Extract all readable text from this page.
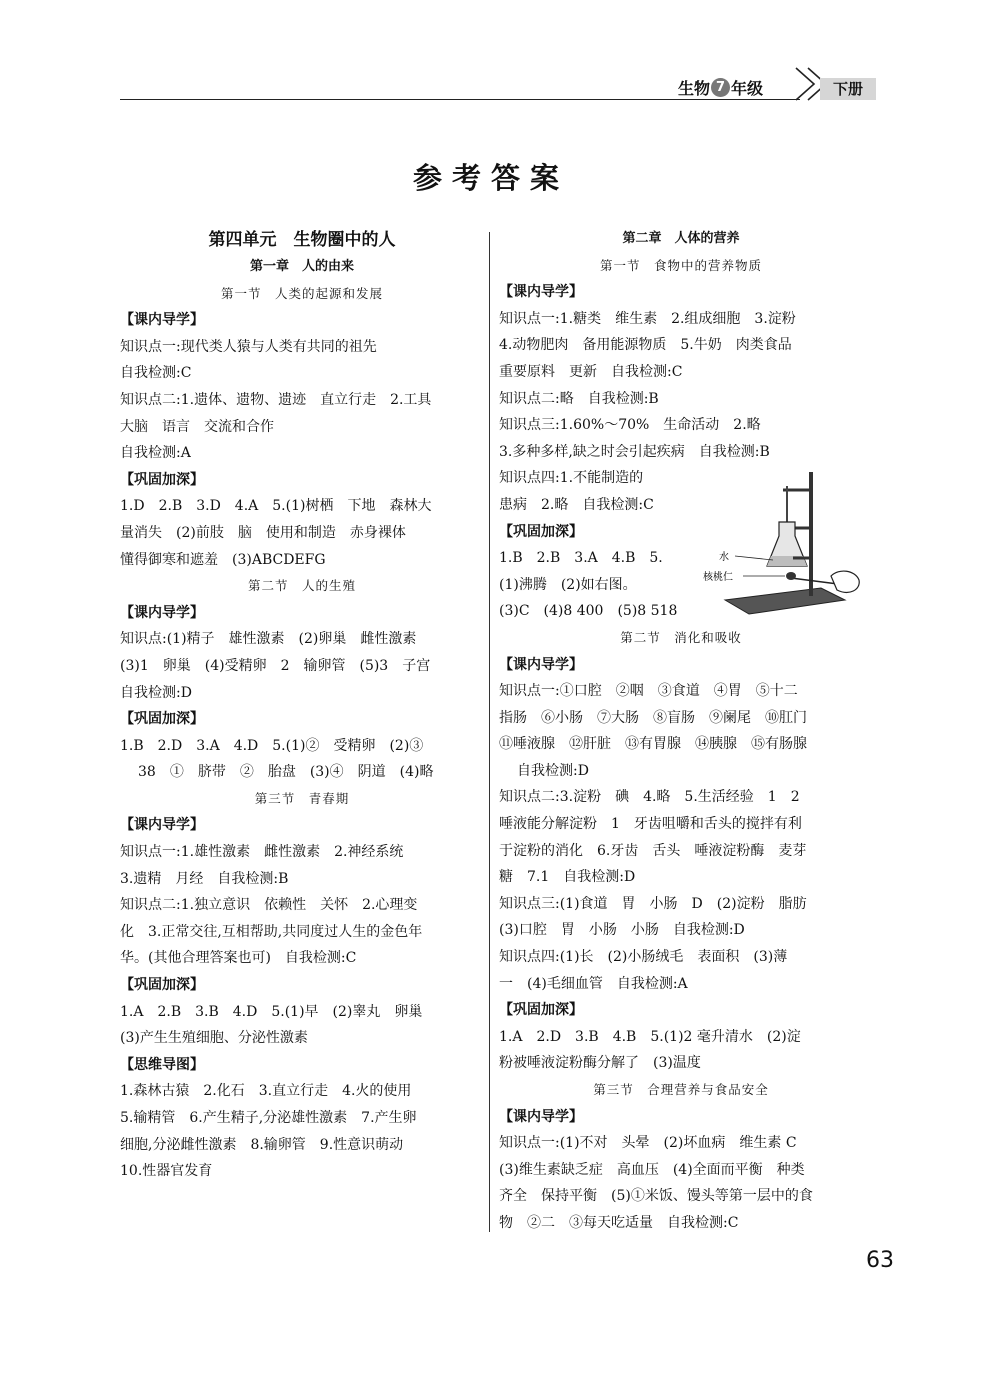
生物 7 年级	下册
参考答案
第四单元　生物圈中的人
第一章　人的由来
第一节　人类的起源和发展
【课内导学】
知识点一:现代类人猿与人类有共同的祖先
自我检测:C
知识点二:1.遗体、遗物、遗迹　直立行走　2.工具
大脑　语言　交流和合作
自我检测:A
【巩固加深】
1.D　2.B　3.D　4.A　5.(1)树栖　下地　森林大
量消失　(2)前肢　脑　使用和制造　赤身裸体
懂得御寒和遮羞　(3)ABCDEFG
第二节　人的生殖
【课内导学】
知识点:(1)精子　雄性激素　(2)卵巢　雌性激素
(3)1　卵巢　(4)受精卵　2　输卵管　(5)3　子宫
自我检测:D
【巩固加深】
1.B　2.D　3.A　4.D　5.(1)②　受精卵　(2)③
38　①　脐带　②　胎盘　(3)④　阴道　(4)略
第三节　青春期
【课内导学】
知识点一:1.雄性激素　雌性激素　2.神经系统
3.遗精　月经　自我检测:B
知识点二:1.独立意识　依赖性　关怀　2.心理变
化　3.正常交往,互相帮助,共同度过人生的金色年
华。(其他合理答案也可)　自我检测:C
【巩固加深】
1.A　2.B　3.B　4.D　5.(1)早　(2)睾丸　卵巢
(3)产生生殖细胞、分泌性激素
【思维导图】
1.森林古猿　2.化石　3.直立行走　4.火的使用
5.输精管　6.产生精子,分泌雄性激素　7.产生卵
细胞,分泌雌性激素　8.输卵管　9.性意识萌动
10.性器官发育
第二章　人体的营养
第一节　食物中的营养物质
【课内导学】
知识点一:1.糖类　维生素　2.组成细胞　3.淀粉
4.动物肥肉　备用能源物质　5.牛奶　肉类食品
重要原料　更新　自我检测:C
知识点二:略　自我检测:B
知识点三:1.60%～70%　生命活动　2.略
3.多种多样,缺之时会引起疾病　自我检测:B
知识点四:1.不能制造的
患病　2.略　自我检测:C
【巩固加深】
1.B　2.B　3.A　4.B　5.
(1)沸腾　(2)如右图。
(3)C　(4)8 400　(5)8 518
第二节　消化和吸收
【课内导学】
知识点一:①口腔　②咽　③食道　④胃　⑤十二
指肠　⑥小肠　⑦大肠　⑧盲肠　⑨阑尾　⑩肛门
⑪唾液腺　⑫肝脏　⑬有胃腺　⑭胰腺　⑮有肠腺
自我检测:D
知识点二:3.淀粉　碘　4.略　5.生活经验　1　2
唾液能分解淀粉　1　牙齿咀嚼和舌头的搅拌有利
于淀粉的消化　6.牙齿　舌头　唾液淀粉酶　麦芽
糖　7.1　自我检测:D
知识点三:(1)食道　胃　小肠　D　(2)淀粉　脂肪
(3)口腔　胃　小肠　小肠　自我检测:D
知识点四:(1)长　(2)小肠绒毛　表面积　(3)薄
一　(4)毛细血管　自我检测:A
【巩固加深】
1.A　2.D　3.B　4.B　5.(1)2 毫升清水　(2)淀
粉被唾液淀粉酶分解了　(3)温度
第三节　合理营养与食品安全
【课内导学】
知识点一:(1)不对　头晕　(2)坏血病　维生素 C
(3)维生素缺乏症　高血压　(4)全面而平衡　种类
齐全　保持平衡　(5)①米饭、馒头等第一层中的食
物　②二　③每天吃适量　自我检测:C
水
核桃仁
63
